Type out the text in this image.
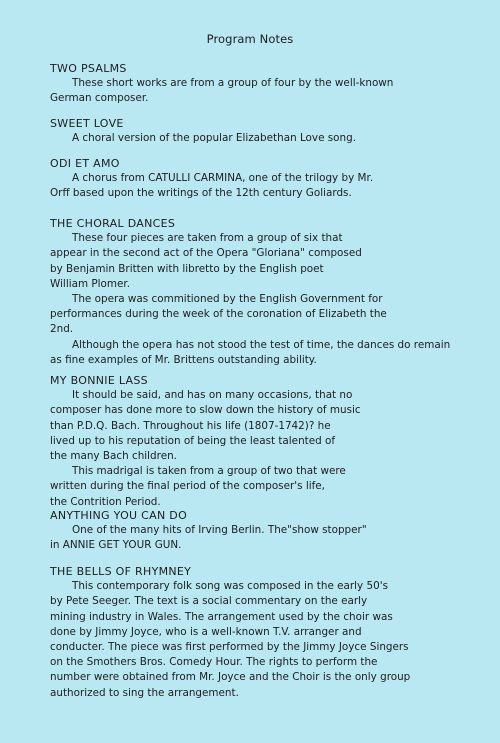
Program Notes
TWO PSALMS
These short works are from a group of four by the well-known
German composer.
SWEET LOVE
A choral version of the popular Elizabethan Love song.
ODI ET AMO
A chorus from CATULLI CARMINA, one of the trilogy by Mr.
Orff based upon the writings of the 12th century Goliards.
THE CHORAL DANCES
These four pieces are taken from a group of six that
appear in the second act of the Opera "Gloriana" composed
by Benjamin Britten with libretto by the English poet
William Plomer.
The opera was commitioned by the English Government for
performances during the week of the coronation of Elizabeth the
2nd.
Although the opera has not stood the test of time, the dances do remain
as fine examples of Mr. Brittens outstanding ability.
MY BONNIE LASS
It should be said, and has on many occasions, that no
composer has done more to slow down the history of music
than P.D.Q. Bach. Throughout his life (1807-1742)? he
lived up to his reputation of being the least talented of
the many Bach children.
This madrigal is taken from a group of two that were
written during the final period of the composer's life,
the Contrition Period.
ANYTHING YOU CAN DO
One of the many hits of Irving Berlin. The"show stopper"
in ANNIE GET YOUR GUN.
THE BELLS OF RHYMNEY
This contemporary folk song was composed in the early 50's
by Pete Seeger. The text is a social commentary on the early
mining industry in Wales. The arrangement used by the choir was
done by Jimmy Joyce, who is a well-known T.V. arranger and
conducter. The piece was first performed by the Jimmy Joyce Singers
on the Smothers Bros. Comedy Hour. The rights to perform the
number were obtained from Mr. Joyce and the Choir is the only group
authorized to sing the arrangement.
